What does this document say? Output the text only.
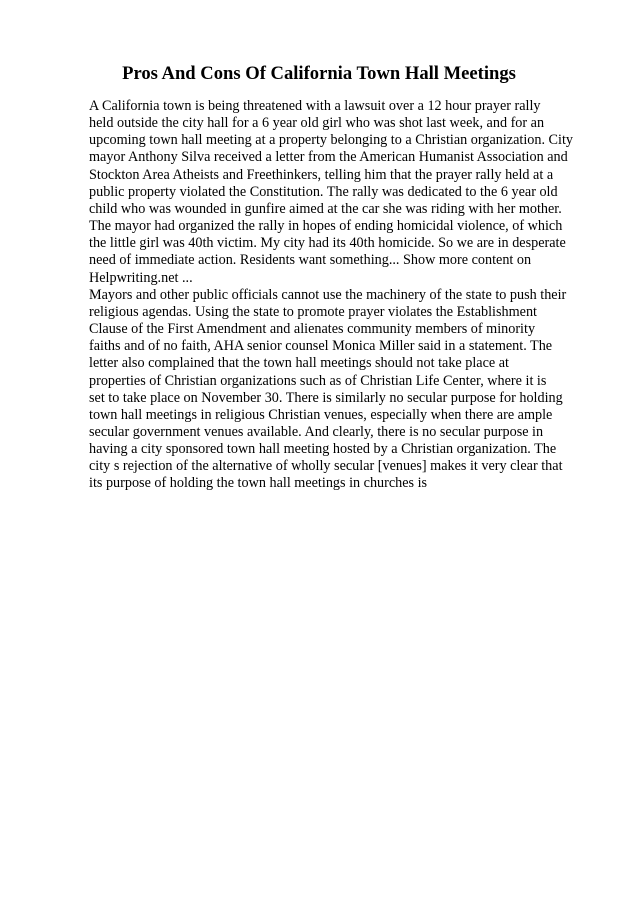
Pros And Cons Of California Town Hall Meetings
A California town is being threatened with a lawsuit over a 12 hour prayer rally
held outside the city hall for a 6 year old girl who was shot last week, and for an
upcoming town hall meeting at a property belonging to a Christian organization. City
mayor Anthony Silva received a letter from the American Humanist Association and
Stockton Area Atheists and Freethinkers, telling him that the prayer rally held at a
public property violated the Constitution. The rally was dedicated to the 6 year old
child who was wounded in gunfire aimed at the car she was riding with her mother.
The mayor had organized the rally in hopes of ending homicidal violence, of which
the little girl was 40th victim. My city had its 40th homicide. So we are in desperate
need of immediate action. Residents want something... Show more content on
Helpwriting.net ...
Mayors and other public officials cannot use the machinery of the state to push their
religious agendas. Using the state to promote prayer violates the Establishment
Clause of the First Amendment and alienates community members of minority
faiths and of no faith, AHA senior counsel Monica Miller said in a statement. The
letter also complained that the town hall meetings should not take place at
properties of Christian organizations such as of Christian Life Center, where it is
set to take place on November 30. There is similarly no secular purpose for holding
town hall meetings in religious Christian venues, especially when there are ample
secular government venues available. And clearly, there is no secular purpose in
having a city sponsored town hall meeting hosted by a Christian organization. The
city s rejection of the alternative of wholly secular [venues] makes it very clear that
its purpose of holding the town hall meetings in churches is
